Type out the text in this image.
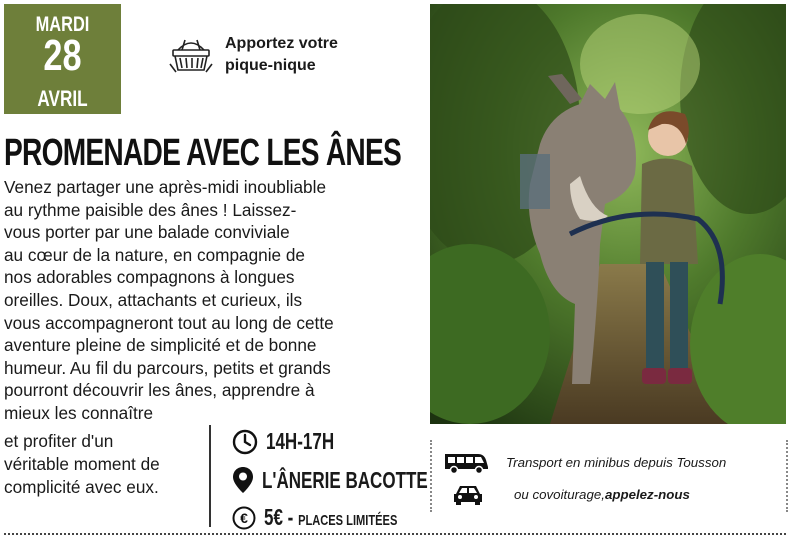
MARDI
28
AVRIL
Apportez votre
pique-nique
PROMENADE AVEC LES ÂNES
Venez partager une après-midi inoubliable
au rythme paisible des ânes ! Laissez-
vous porter par une balade conviviale
au cœur de la nature, en compagnie de
nos adorables compagnons à longues
oreilles. Doux, attachants et curieux, ils
vous accompagneront tout au long de cette
aventure pleine de simplicité et de bonne
humeur. Au fil du parcours, petits et grands
pourront découvrir les ânes, apprendre à
mieux les connaître
et profiter d'un
véritable moment de
complicité avec eux.
14H-17H
L'ÂNERIE BACOTTE
€ 5€ - PLACES LIMITÉES
Transport en minibus depuis Tousson
ou covoiturage, appelez-nous
